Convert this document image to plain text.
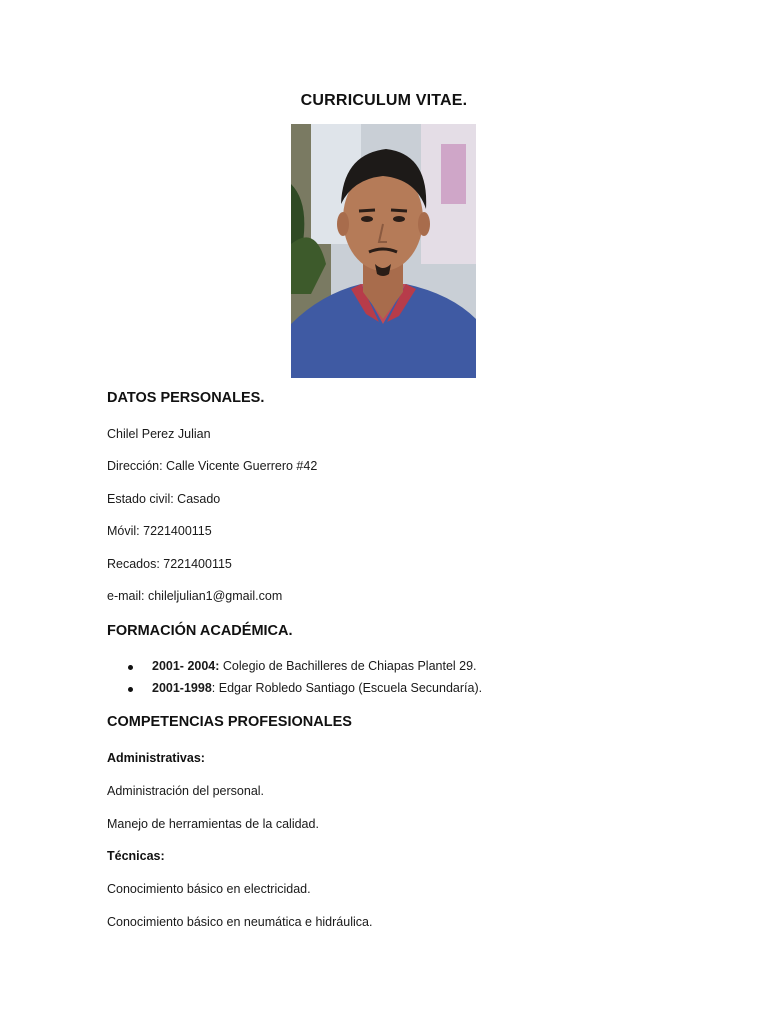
CURRICULUM VITAE.
DATOS PERSONALES.
Chilel Perez Julian
Dirección: Calle Vicente Guerrero #42
Estado civil: Casado
Móvil: 7221400115
Recados: 7221400115
e-mail: chileljulian1@gmail.com
FORMACIÓN ACADÉMICA.
2001- 2004: Colegio de Bachilleres de Chiapas Plantel 29.
2001-1998: Edgar Robledo Santiago (Escuela Secundaría).
COMPETENCIAS PROFESIONALES
Administrativas:
Administración del personal.
Manejo de herramientas de la calidad.
Técnicas:
Conocimiento básico en electricidad.
Conocimiento básico en neumática e hidráulica.
